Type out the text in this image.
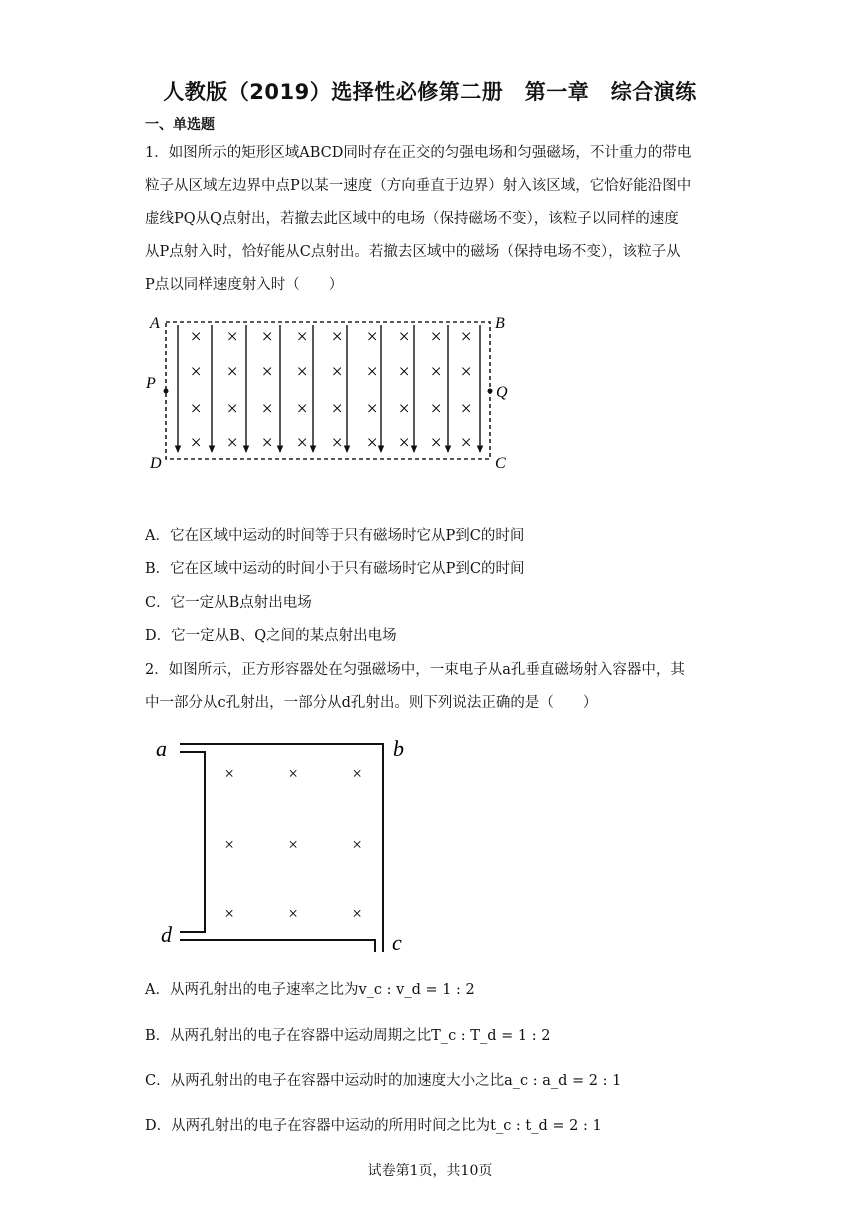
人教版（2019）选择性必修第二册　第一章　综合演练
一、单选题
1．如图所示的矩形区域ABCD同时存在正交的匀强电场和匀强磁场，不计重力的带电
粒子从区域左边界中点P以某一速度（方向垂直于边界）射入该区域，它恰好能沿图中
虚线PQ从Q点射出，若撤去此区域中的电场（保持磁场不变），该粒子以同样的速度
从P点射入时，恰好能从C点射出。若撤去区域中的磁场（保持电场不变），该粒子从
P点以同样速度射入时（　　）
× × × × × × × × ×
× × × × × × × × ×
× × × × × × × × ×
× × × × × × × × ×
A	B
C
D
P
Q
A．它在区域中运动的时间等于只有磁场时它从P到C的时间
B．它在区域中运动的时间小于只有磁场时它从P到C的时间
C．它一定从B点射出电场
D．它一定从B、Q之间的某点射出电场
2．如图所示，正方形容器处在匀强磁场中，一束电子从a孔垂直磁场射入容器中，其
中一部分从c孔射出，一部分从d孔射出。则下列说法正确的是（　　）
×
×
×
×
×
×
×
×
×
a	b
c
d
A．从两孔射出的电子速率之比为v_c : v_d = 1 : 2
B．从两孔射出的电子在容器中运动周期之比T_c : T_d = 1 : 2
C．从两孔射出的电子在容器中运动时的加速度大小之比a_c : a_d = 2 : 1
D．从两孔射出的电子在容器中运动的所用时间之比为t_c : t_d = 2 : 1
试卷第1页，共10页
